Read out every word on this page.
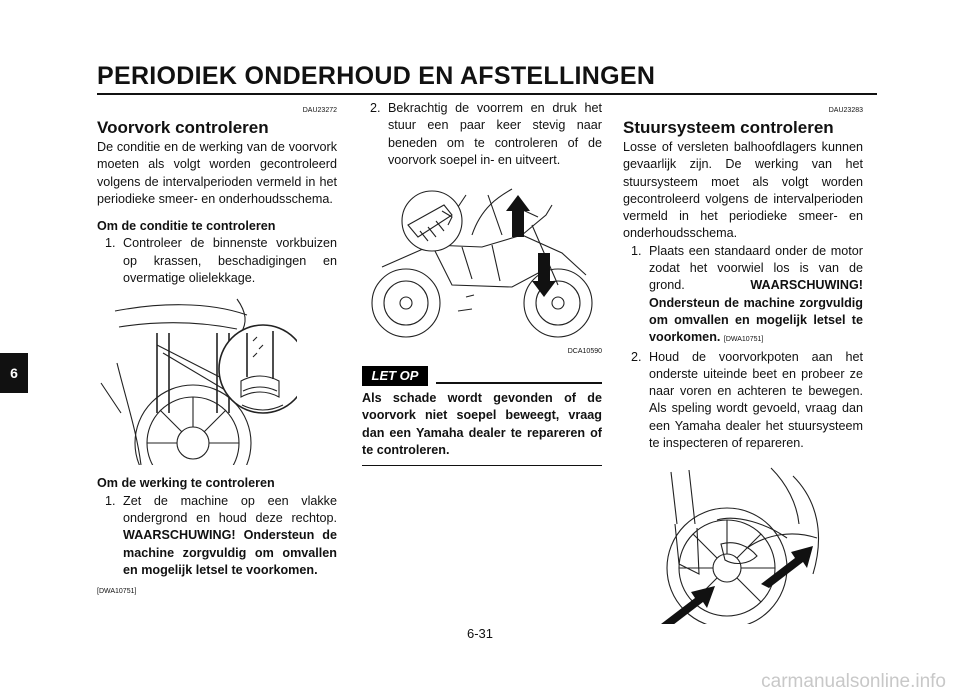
PERIODIEK ONDERHOUD EN AFSTELLINGEN
6
DAU23272
Voorvork controleren

De conditie en de werking van de voorvork moeten als volgt worden gecontroleerd volgens de intervalperioden vermeld in het periodieke smeer- en onderhoudsschema.

Om de conditie te controleren

1. Controleer de binnenste vorkbuizen op krassen, beschadigingen en overmatige olielekkage.

Om de werking te controleren

1. Zet de machine op een vlakke ondergrond en houd deze rechtop. WAARSCHUWING! Ondersteun de machine zorgvuldig om omvallen en mogelijk letsel te voorkomen.

[DWA10751]

2. Bekrachtig de voorrem en druk het stuur een paar keer stevig naar beneden om te controleren of de voorvork soepel in- en uitveert.

DCA10590
LET OP
Als schade wordt gevonden of de voorvork niet soepel beweegt, vraag dan een Yamaha dealer te repareren of te controleren.
DAU23283
Stuursysteem controleren

Losse of versleten balhoofdlagers kunnen gevaarlijk zijn. De werking van het stuursysteem moet als volgt worden gecontroleerd volgens de intervalperioden vermeld in het periodieke smeer- en onderhoudsschema.

1. Plaats een standaard onder de motor zodat het voorwiel los is van de grond.	WAARSCHUWING! Ondersteun de machine zorgvuldig om omvallen en mogelijk letsel te voorkomen. [DWA10751]

2. Houd de voorvorkpoten aan het onderste uiteinde beet en probeer ze naar voren en achteren te bewegen. Als speling wordt gevoeld, vraag dan een Yamaha dealer het stuursysteem te inspecteren of repareren.

6-31
carmanualsonline.info
